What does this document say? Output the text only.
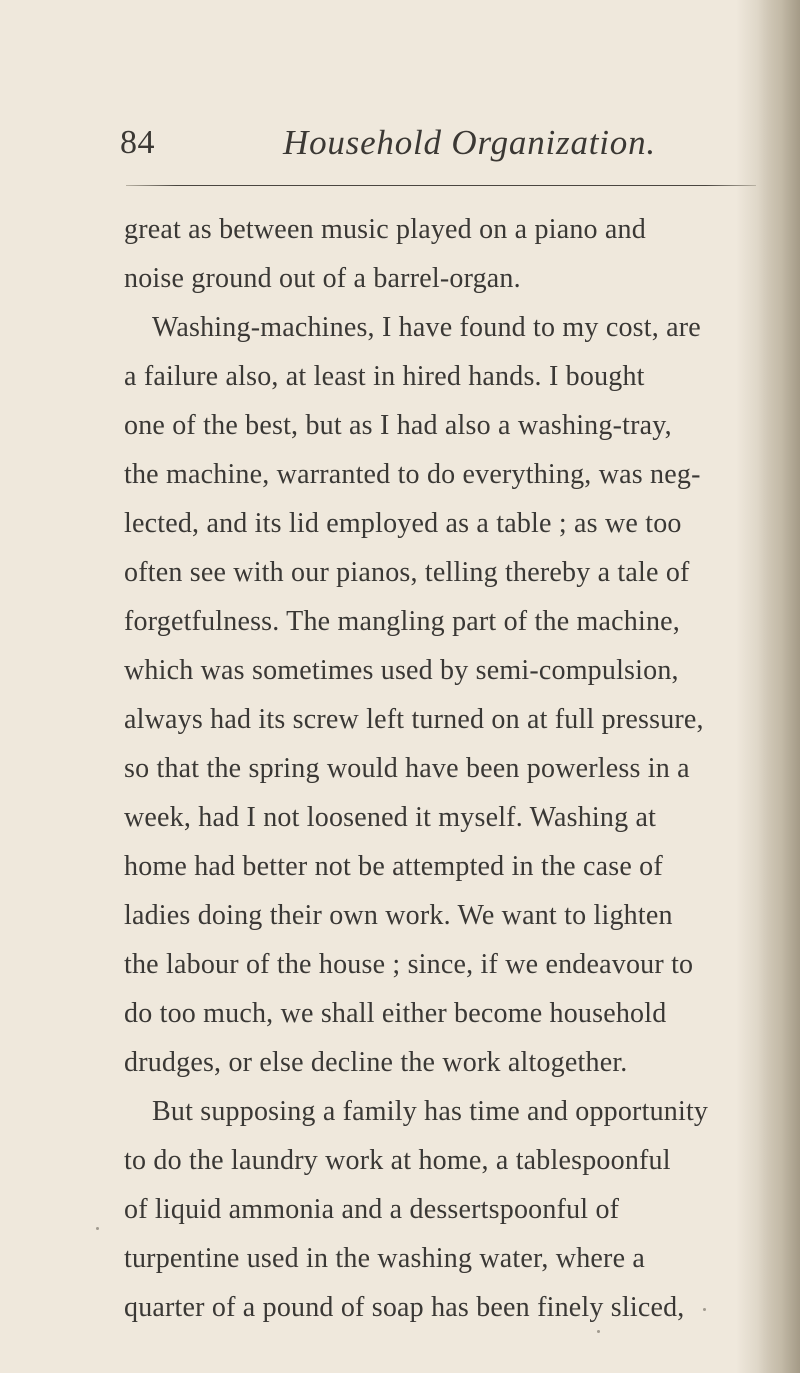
84	Household Organization.
great as between music played on a piano and
noise ground out of a barrel-organ.
Washing-machines, I have found to my cost, are
a failure also, at least in hired hands. I bought
one of the best, but as I had also a washing-tray,
the machine, warranted to do everything, was neg-
lected, and its lid employed as a table ; as we too
often see with our pianos, telling thereby a tale of
forgetfulness. The mangling part of the machine,
which was sometimes used by semi-compulsion,
always had its screw left turned on at full pressure,
so that the spring would have been powerless in a
week, had I not loosened it myself. Washing at
home had better not be attempted in the case of
ladies doing their own work. We want to lighten
the labour of the house ; since, if we endeavour to
do too much, we shall either become household
drudges, or else decline the work altogether.
But supposing a family has time and opportunity
to do the laundry work at home, a tablespoonful
of liquid ammonia and a dessertspoonful of
turpentine used in the washing water, where a
quarter of a pound of soap has been finely sliced,
